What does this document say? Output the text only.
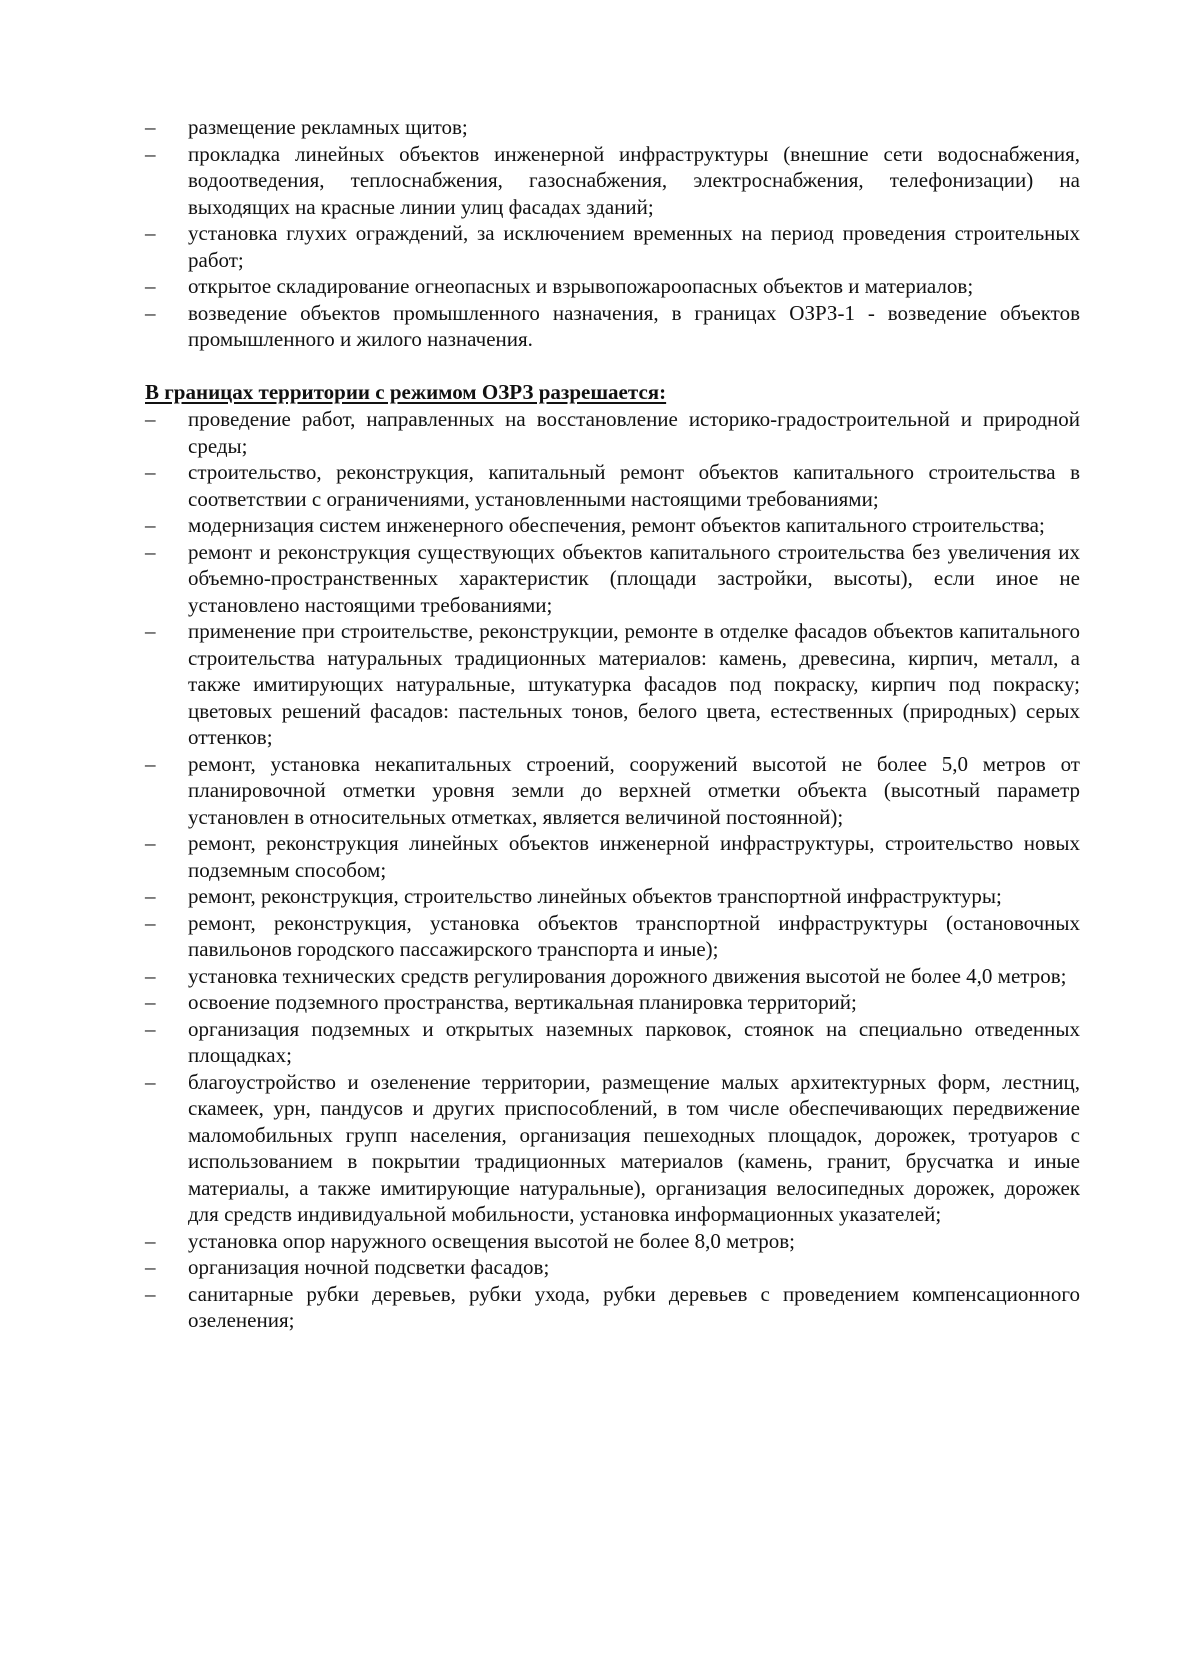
–	размещение рекламных щитов;
–	прокладка линейных объектов инженерной инфраструктуры (внешние сети водоснабжения, водоотведения, теплоснабжения, газоснабжения, электроснабжения, телефонизации) на выходящих на красные линии улиц фасадах зданий;
–	установка глухих ограждений, за исключением временных на период проведения строительных работ;
–	открытое складирование огнеопасных и взрывопожароопасных объектов и материалов;
–	возведение объектов промышленного назначения, в границах ОЗРЗ-1 - возведение объектов промышленного и жилого назначения.
В границах территории с режимом ОЗРЗ разрешается:
–	проведение работ, направленных на восстановление историко-градостроительной и природной среды;
–	строительство, реконструкция, капитальный ремонт объектов капитального строительства в соответствии с ограничениями, установленными настоящими требованиями;
–	модернизация систем инженерного обеспечения, ремонт объектов капитального строительства;
–	ремонт и реконструкция существующих объектов капитального строительства без увеличения их объемно-пространственных характеристик (площади застройки, высоты), если иное не установлено настоящими требованиями;
–	применение при строительстве, реконструкции, ремонте в отделке фасадов объектов капитального строительства натуральных традиционных материалов: камень, древесина, кирпич, металл, а также имитирующих натуральные, штукатурка фасадов под покраску, кирпич под покраску; цветовых решений фасадов: пастельных тонов, белого цвета, естественных (природных) серых оттенков;
–	ремонт, установка некапитальных строений, сооружений высотой не более 5,0 метров от планировочной отметки уровня земли до верхней отметки объекта (высотный параметр установлен в относительных отметках, является величиной постоянной);
–	ремонт, реконструкция линейных объектов инженерной инфраструктуры, строительство новых подземным способом;
–	ремонт, реконструкция, строительство линейных объектов транспортной инфраструктуры;
–	ремонт, реконструкция, установка объектов транспортной инфраструктуры (остановочных павильонов городского пассажирского транспорта и иные);
–	установка технических средств регулирования дорожного движения высотой не более 4,0 метров;
–	освоение подземного пространства, вертикальная планировка территорий;
–	организация подземных и открытых наземных парковок, стоянок на специально отведенных площадках;
–	благоустройство и озеленение территории, размещение малых архитектурных форм, лестниц, скамеек, урн, пандусов и других приспособлений, в том числе обеспечивающих передвижение маломобильных групп населения, организация пешеходных площадок, дорожек, тротуаров с использованием в покрытии традиционных материалов (камень, гранит, брусчатка и иные материалы, а также имитирующие натуральные), организация велосипедных дорожек, дорожек для средств индивидуальной мобильности, установка информационных указателей;
–	установка опор наружного освещения высотой не более 8,0 метров;
–	организация ночной подсветки фасадов;
–	санитарные рубки деревьев, рубки ухода, рубки деревьев с проведением компенсационного озеленения;
